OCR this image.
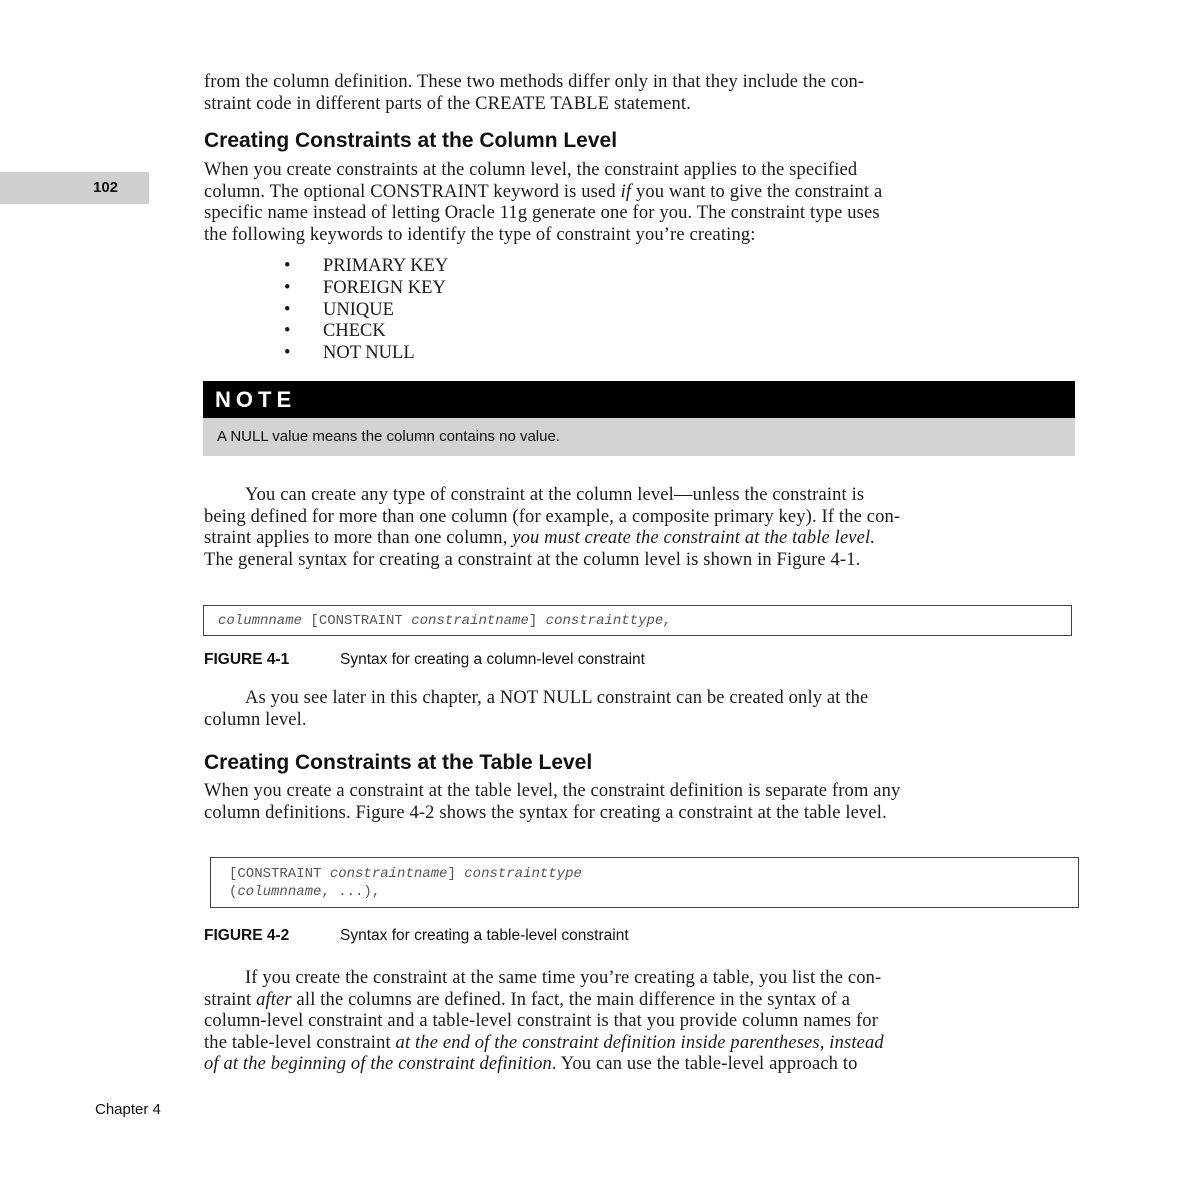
102
from the column definition. These two methods differ only in that they include the con-
straint code in different parts of the CREATE TABLE statement.
Creating Constraints at the Column Level
When you create constraints at the column level, the constraint applies to the specified
column. The optional CONSTRAINT keyword is used if you want to give the constraint a
specific name instead of letting Oracle 11g generate one for you. The constraint type uses
the following keywords to identify the type of constraint you’re creating:
• PRIMARY KEY
• FOREIGN KEY
• UNIQUE
• CHECK
• NOT NULL
NOTE
A NULL value means the column contains no value.
You can create any type of constraint at the column level—unless the constraint is
being defined for more than one column (for example, a composite primary key). If the con-
straint applies to more than one column, you must create the constraint at the table level.
The general syntax for creating a constraint at the column level is shown in Figure 4-1.
columnname [CONSTRAINT constraintname] constrainttype,
FIGURE 4-1	Syntax for creating a column-level constraint
As you see later in this chapter, a NOT NULL constraint can be created only at the
column level.
Creating Constraints at the Table Level
When you create a constraint at the table level, the constraint definition is separate from any
column definitions. Figure 4-2 shows the syntax for creating a constraint at the table level.
[CONSTRAINT constraintname] constrainttype
(columnname, ...),
FIGURE 4-2	Syntax for creating a table-level constraint
If you create the constraint at the same time you’re creating a table, you list the con-
straint after all the columns are defined. In fact, the main difference in the syntax of a
column-level constraint and a table-level constraint is that you provide column names for
the table-level constraint at the end of the constraint definition inside parentheses, instead
of at the beginning of the constraint definition. You can use the table-level approach to
Chapter 4
